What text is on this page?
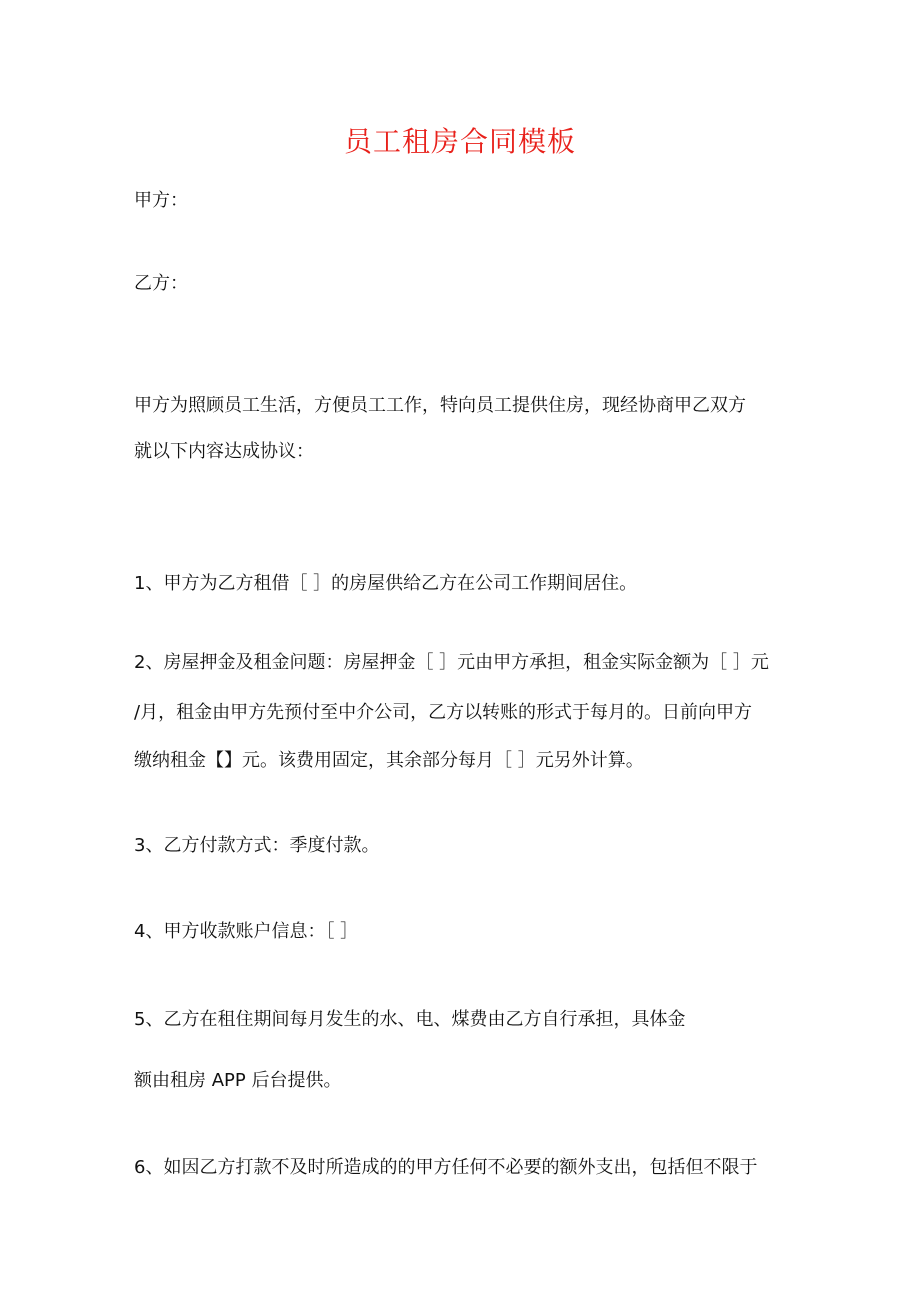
员工租房合同模板
甲方：
乙方：
甲方为照顾员工生活，方便员工工作，特向员工提供住房，现经协商甲乙双方
就以下内容达成协议：
1、甲方为乙方租借［ ］的房屋供给乙方在公司工作期间居住。
2、房屋押金及租金问题：房屋押金［ ］元由甲方承担，租金实际金额为［ ］元
/月，租金由甲方先预付至中介公司，乙方以转账的形式于每月的。日前向甲方
缴纳租金【】元。该费用固定，其余部分每月［ ］元另外计算。
3、乙方付款方式：季度付款。
4、甲方收款账户信息：［ ］
5、乙方在租住期间每月发生的水、电、煤费由乙方自行承担，具体金
额由租房 APP 后台提供。
6、如因乙方打款不及时所造成的的甲方任何不必要的额外支出，包括但不限于
